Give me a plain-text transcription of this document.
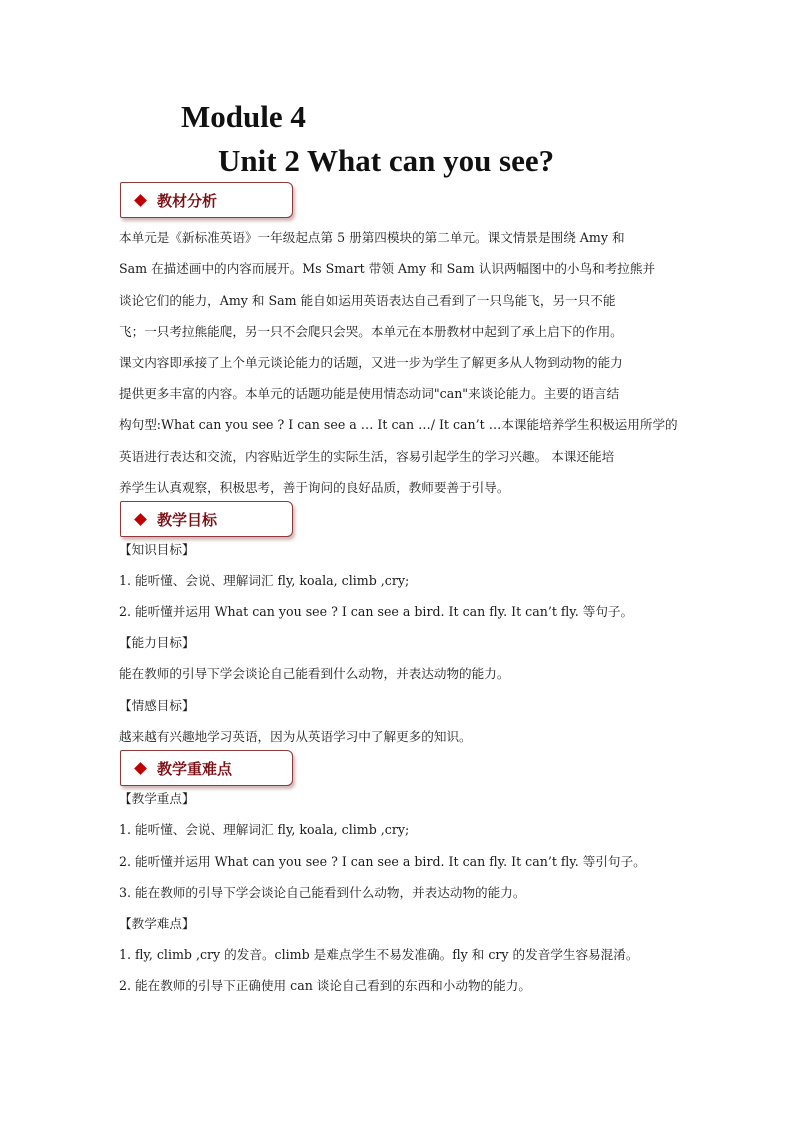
Module 4
Unit 2 What can you see?
教材分析
本单元是《新标准英语》一年级起点第 5 册第四模块的第二单元。课文情景是围绕 Amy 和
Sam 在描述画中的内容而展开。Ms Smart 带领 Amy 和 Sam 认识两幅图中的小鸟和考拉熊并
谈论它们的能力，Amy 和 Sam 能自如运用英语表达自己看到了一只鸟能飞，另一只不能
飞；一只考拉熊能爬，另一只不会爬只会哭。本单元在本册教材中起到了承上启下的作用。
课文内容即承接了上个单元谈论能力的话题，又进一步为学生了解更多从人物到动物的能力
提供更多丰富的内容。本单元的话题功能是使用情态动词"can"来谈论能力。主要的语言结
构句型:What can you see ? I can see a … It can …/ It can’t …本课能培养学生积极运用所学的
英语进行表达和交流，内容贴近学生的实际生活，容易引起学生的学习兴趣。 本课还能培
养学生认真观察，积极思考，善于询问的良好品质，教师要善于引导。
教学目标
【知识目标】
1. 能听懂、会说、理解词汇 fly, koala, climb ,cry;
2. 能听懂并运用 What can you see ? I can see a bird. It can fly. It can’t fly. 等句子。
【能力目标】
能在教师的引导下学会谈论自己能看到什么动物，并表达动物的能力。
【情感目标】
越来越有兴趣地学习英语，因为从英语学习中了解更多的知识。
教学重难点
【教学重点】
1. 能听懂、会说、理解词汇 fly, koala, climb ,cry;
2. 能听懂并运用 What can you see ? I can see a bird. It can fly. It can’t fly. 等引句子。
3. 能在教师的引导下学会谈论自己能看到什么动物，并表达动物的能力。
【教学难点】
1. fly, climb ,cry 的发音。climb 是难点学生不易发准确。fly 和 cry 的发音学生容易混淆。
2. 能在教师的引导下正确使用 can 谈论自己看到的东西和小动物的能力。
